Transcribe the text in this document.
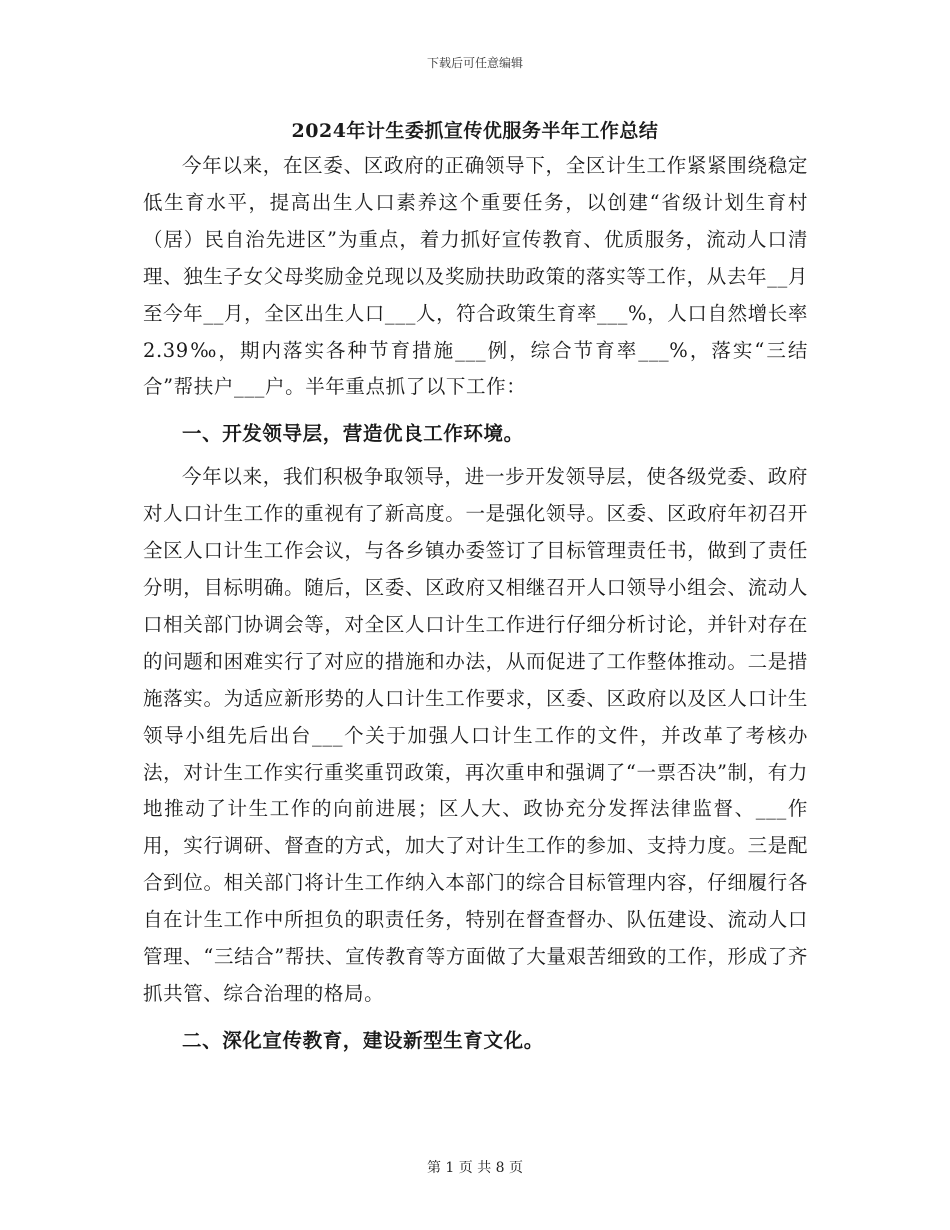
下载后可任意编辑
2024年计生委抓宣传优服务半年工作总结

今年以来，在区委、区政府的正确领导下，全区计生工作紧紧围绕稳定低生育水平，提高出生人口素养这个重要任务，以创建“省级计划生育村（居）民自治先进区”为重点，着力抓好宣传教育、优质服务，流动人口清理、独生子女父母奖励金兑现以及奖励扶助政策的落实等工作，从去年__月至今年__月，全区出生人口___人，符合政策生育率___%，人口自然增长率2.39‰，期内落实各种节育措施___例，综合节育率___%，落实“三结合”帮扶户___户。半年重点抓了以下工作：

一、开发领导层，营造优良工作环境。

今年以来，我们积极争取领导，进一步开发领导层，使各级党委、政府对人口计生工作的重视有了新高度。一是强化领导。区委、区政府年初召开全区人口计生工作会议，与各乡镇办委签订了目标管理责任书，做到了责任分明，目标明确。随后，区委、区政府又相继召开人口领导小组会、流动人口相关部门协调会等，对全区人口计生工作进行仔细分析讨论，并针对存在的问题和困难实行了对应的措施和办法，从而促进了工作整体推动。二是措施落实。为适应新形势的人口计生工作要求，区委、区政府以及区人口计生领导小组先后出台___个关于加强人口计生工作的文件，并改革了考核办法，对计生工作实行重奖重罚政策，再次重申和强调了“一票否决”制，有力地推动了计生工作的向前进展；区人大、政协充分发挥法律监督、___作用，实行调研、督查的方式，加大了对计生工作的参加、支持力度。三是配合到位。相关部门将计生工作纳入本部门的综合目标管理内容，仔细履行各自在计生工作中所担负的职责任务，特别在督查督办、队伍建设、流动人口管理、“三结合”帮扶、宣传教育等方面做了大量艰苦细致的工作，形成了齐抓共管、综合治理的格局。

二、深化宣传教育，建设新型生育文化。

第 1 页 共 8 页
